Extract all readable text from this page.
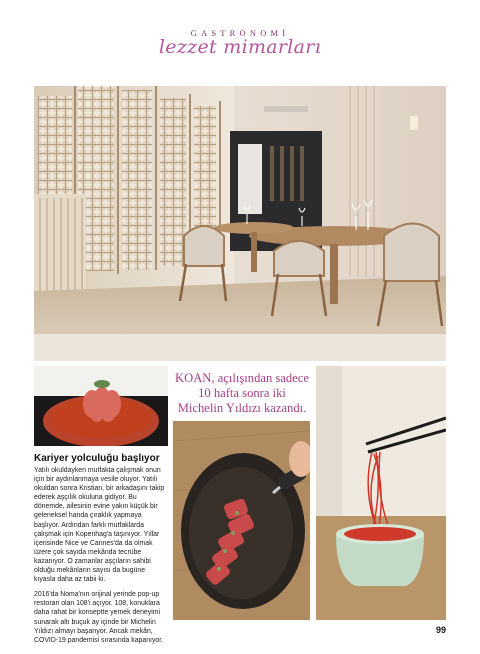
GASTRONOMİ
lezzet mimarları
KOAN, açılışından sadece 10 hafta sonra iki Michelin Yıldızı kazandı.
Kariyer yolculuğu başlıyor

Yatılı okuldayken mutfakta çalışmak onun için bir aydınlanmaya vesile oluyor. Yatılı okuldan sonra Kristian, bir arkadaşını takip ederek aşçılık okuluna gidiyor. Bu dönemde, ailesinin evine yakın küçük bir geleneksel handa çıraklık yapmaya başlıyor. Ardından farklı mutfaklarda çalışmak için Kopenhag'a taşınıyor. Yıllar içerisinde Nice ve Cannes'da da olmak üzere çok sayıda mekânda tecrübe kazanıyor. O zamanlar aşçıların sahibi olduğu mekânların sayısı da bugüne kıyasla daha az tabii ki.

2016'da Noma'nın orijinal yerinde pop-up restoran olan 108'i açıyor. 108, konuklara daha rahat bir konseptte yemek deneyimi sunarak altı buçuk ay içinde bir Michelin Yıldızı almayı başarıyor. Ancak mekân, COVID-19 pandemisi sırasında kapanıyor.

99
